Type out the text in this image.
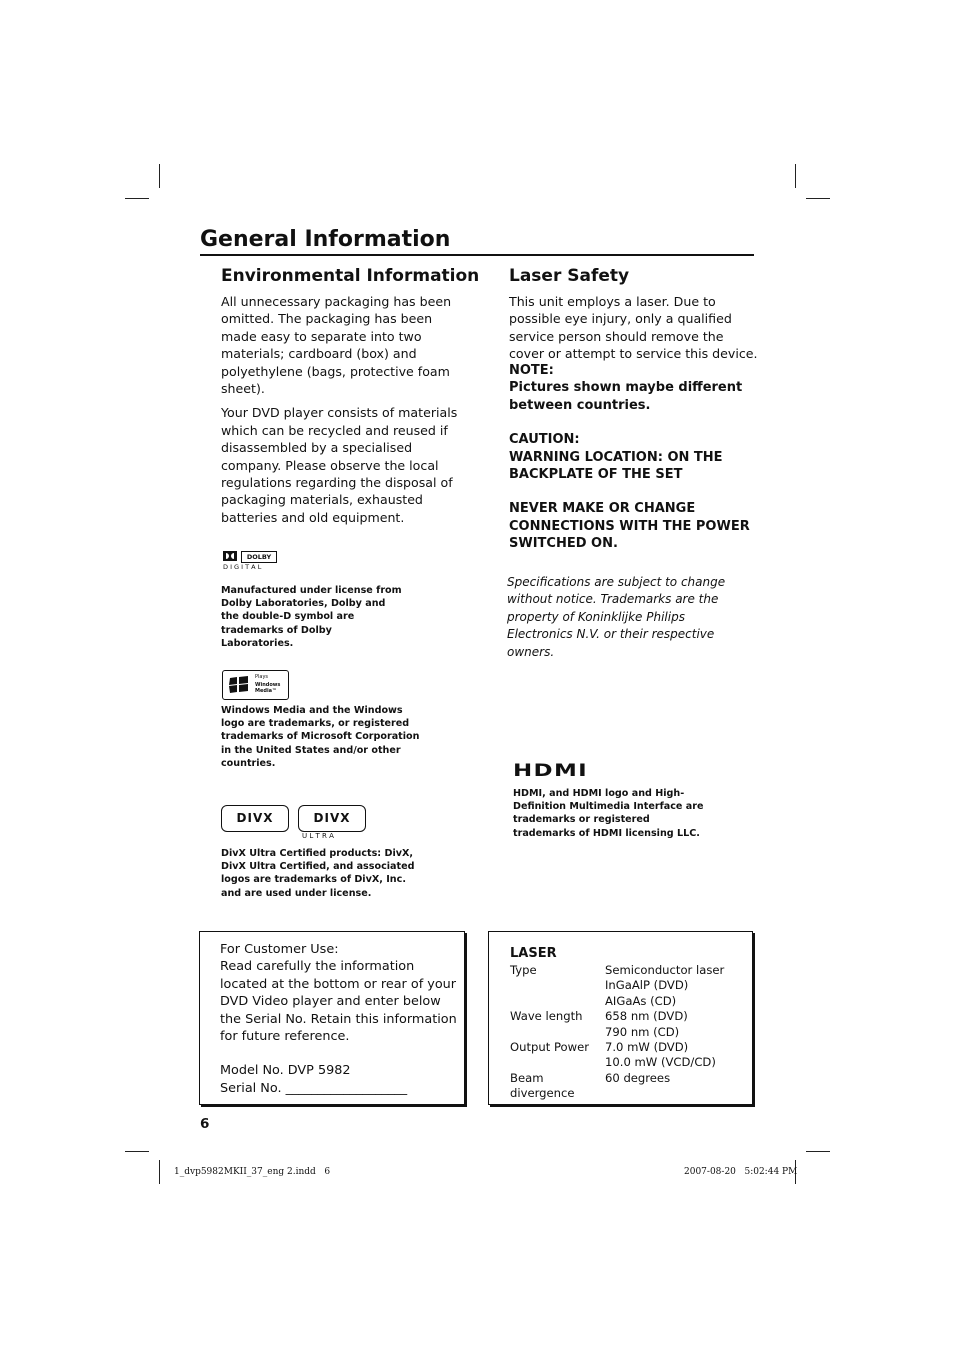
General Information
Environmental Information

All unnecessary packaging has been omitted. The packaging has been made easy to separate into two materials; cardboard (box) and polyethylene (bags, protective foam sheet).

Your DVD player consists of materials which can be recycled and reused if disassembled by a specialised company. Please observe the local regulations regarding the disposal of packaging materials, exhausted batteries and old equipment.

Laser Safety
This unit employs a laser. Due to possible eye injury, only a qualified service person should remove the cover or attempt to service this device.

NOTE:

Pictures shown maybe different between countries.

CAUTION:

WARNING LOCATION: ON THE BACKPLATE OF THE SET

NEVER MAKE OR CHANGE CONNECTIONS WITH THE POWER SWITCHED ON.

Specifications are subject to change without notice. Trademarks are the property of Koninklijke Philips Electronics N.V. or their respective owners.
DOLBY
D I G I T A L
Manufactured under license from Dolby Laboratories, Dolby and the double-D symbol are trademarks of Dolby Laboratories.
Plays
Windows
Media™
Windows Media and the Windows logo are trademarks, or registered trademarks of Microsoft Corporation in the United States and/or other countries.
DIVX	DIVX
U L T R A
DivX Ultra Certified products: DivX, DivX Ultra Certified, and associated logos are trademarks of DivX, Inc. and are used under license.
HDMI
HDMI, and HDMI logo and High-Definition Multimedia Interface are trademarks or registered trademarks of HDMI licensing LLC.
For Customer Use:
Read carefully the information located at the bottom or rear of your DVD Video player and enter below the Serial No. Retain this information for future reference.
Model No. DVP 5982
Serial No. ___________________
LASER
Type	Semiconductor laser
	InGaAlP (DVD)
	AIGaAs (CD)
Wave length	658 nm (DVD)
	790 nm (CD)
Output Power	7.0 mW (DVD)
	10.0 mW (VCD/CD)
Beam divergence	60 degrees
6
1_dvp5982MKII_37_eng 2.indd   6	2007-08-20   5:02:44 PM
